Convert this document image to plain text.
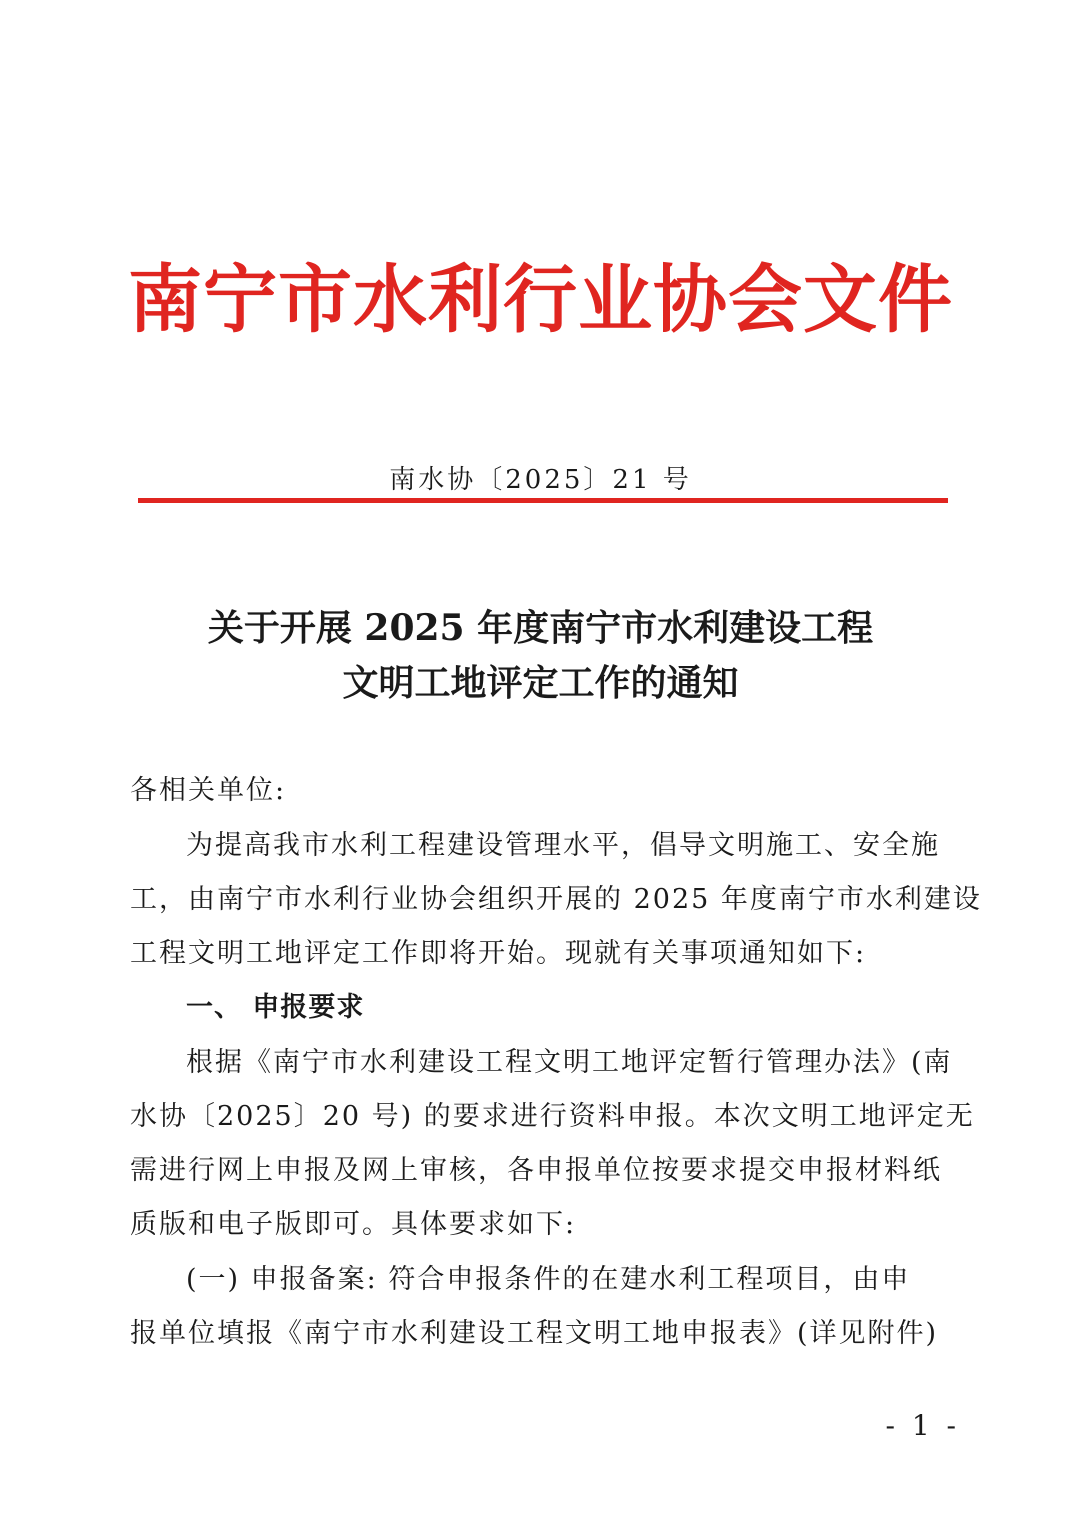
南宁市水利行业协会文件
南水协〔2025〕21 号
关于开展 2025 年度南宁市水利建设工程
文明工地评定工作的通知
各相关单位:
为提高我市水利工程建设管理水平，倡导文明施工、安全施
工，由南宁市水利行业协会组织开展的 2025 年度南宁市水利建设
工程文明工地评定工作即将开始。现就有关事项通知如下:
一、 申报要求
根据《南宁市水利建设工程文明工地评定暂行管理办法》(南
水协〔2025〕20 号) 的要求进行资料申报。本次文明工地评定无
需进行网上申报及网上审核，各申报单位按要求提交申报材料纸
质版和电子版即可。具体要求如下:
(一) 申报备案: 符合申报条件的在建水利工程项目，由申
报单位填报《南宁市水利建设工程文明工地申报表》(详见附件)
- 1 -
